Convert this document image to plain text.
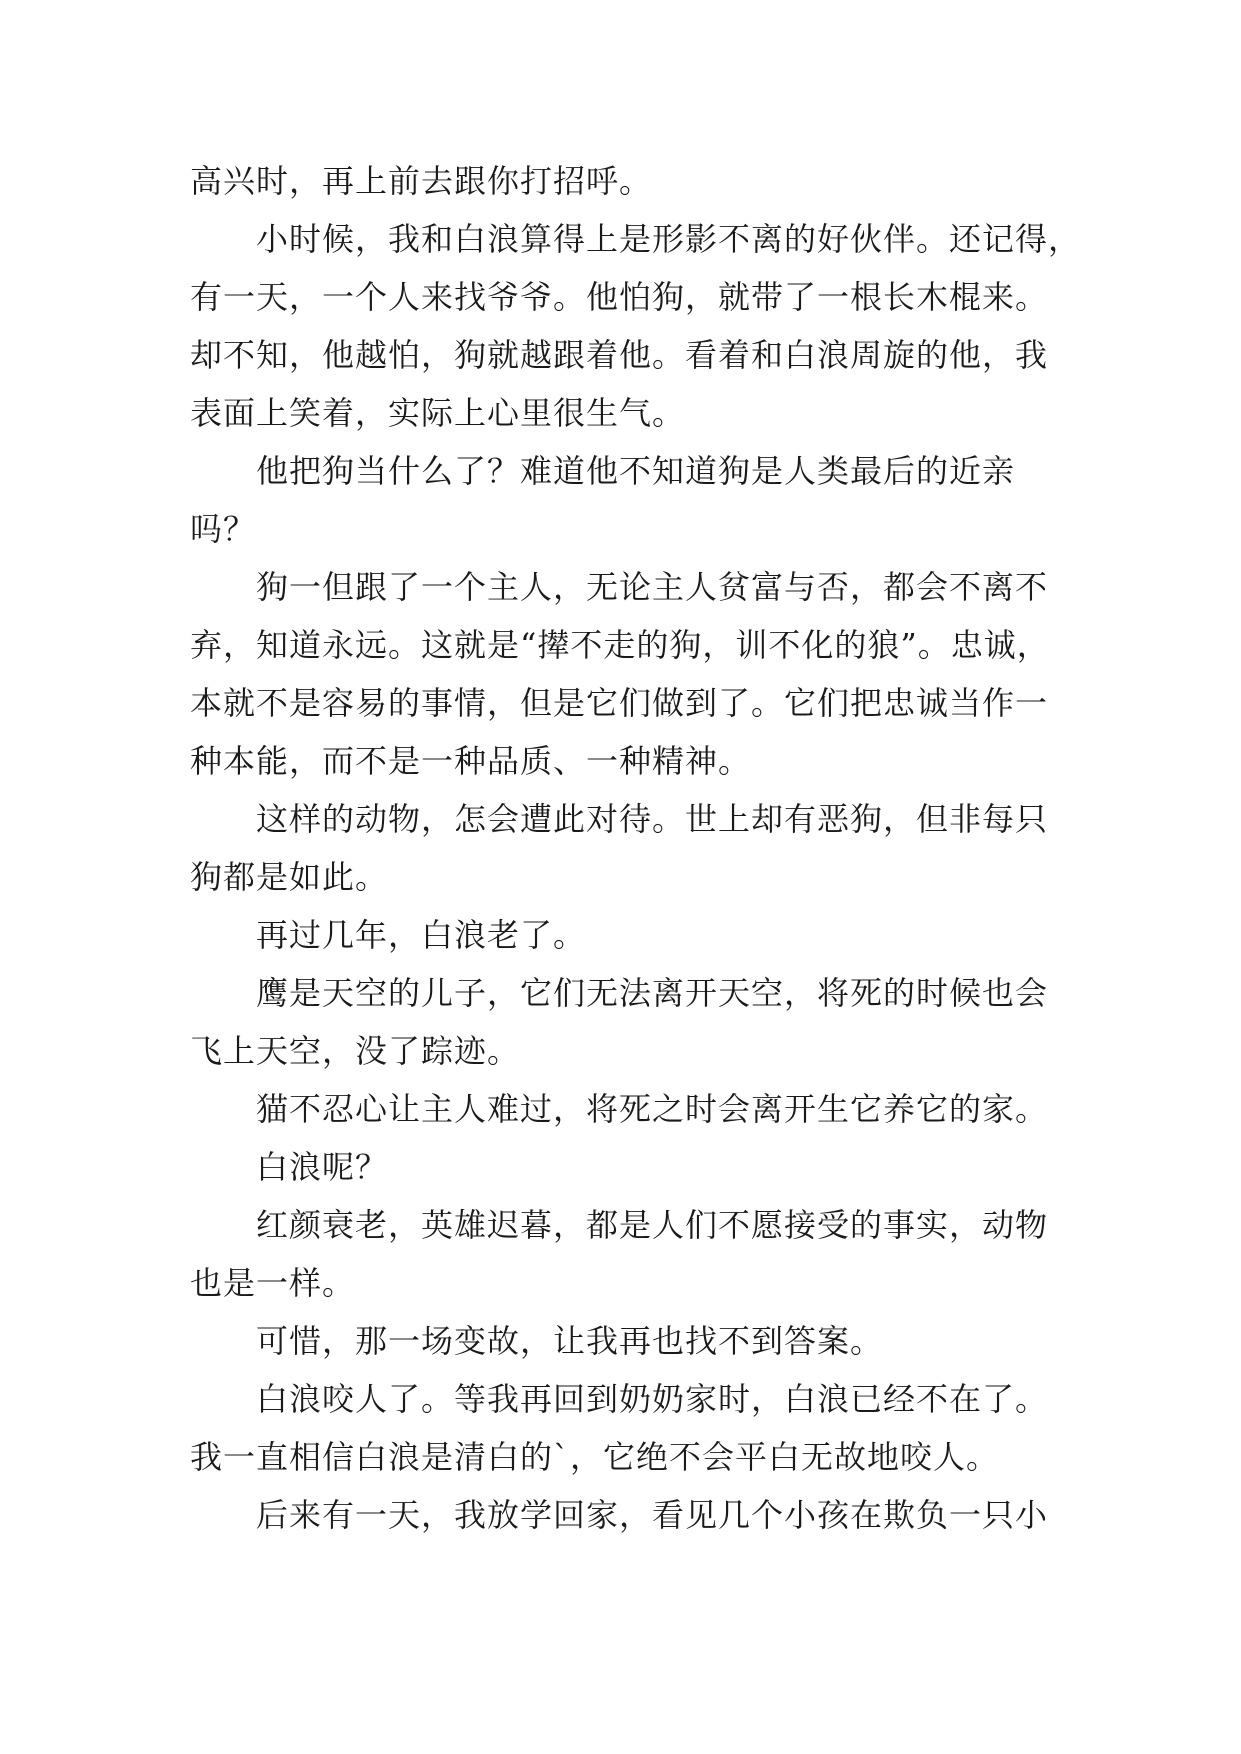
高兴时，再上前去跟你打招呼。
小时候，我和白浪算得上是形影不离的好伙伴。还记得，
有一天，一个人来找爷爷。他怕狗，就带了一根长木棍来。
却不知，他越怕，狗就越跟着他。看着和白浪周旋的他，我
表面上笑着，实际上心里很生气。
他把狗当什么了？难道他不知道狗是人类最后的近亲
吗？
狗一但跟了一个主人，无论主人贫富与否，都会不离不
弃，知道永远。这就是“撵不走的狗，训不化的狼”。忠诚，
本就不是容易的事情，但是它们做到了。它们把忠诚当作一
种本能，而不是一种品质、一种精神。
这样的动物，怎会遭此对待。世上却有恶狗，但非每只
狗都是如此。
再过几年，白浪老了。
鹰是天空的儿子，它们无法离开天空，将死的时候也会
飞上天空，没了踪迹。
猫不忍心让主人难过，将死之时会离开生它养它的家。
白浪呢？
红颜衰老，英雄迟暮，都是人们不愿接受的事实，动物
也是一样。
可惜，那一场变故，让我再也找不到答案。
白浪咬人了。等我再回到奶奶家时，白浪已经不在了。
我一直相信白浪是清白的`，它绝不会平白无故地咬人。
后来有一天，我放学回家，看见几个小孩在欺负一只小
